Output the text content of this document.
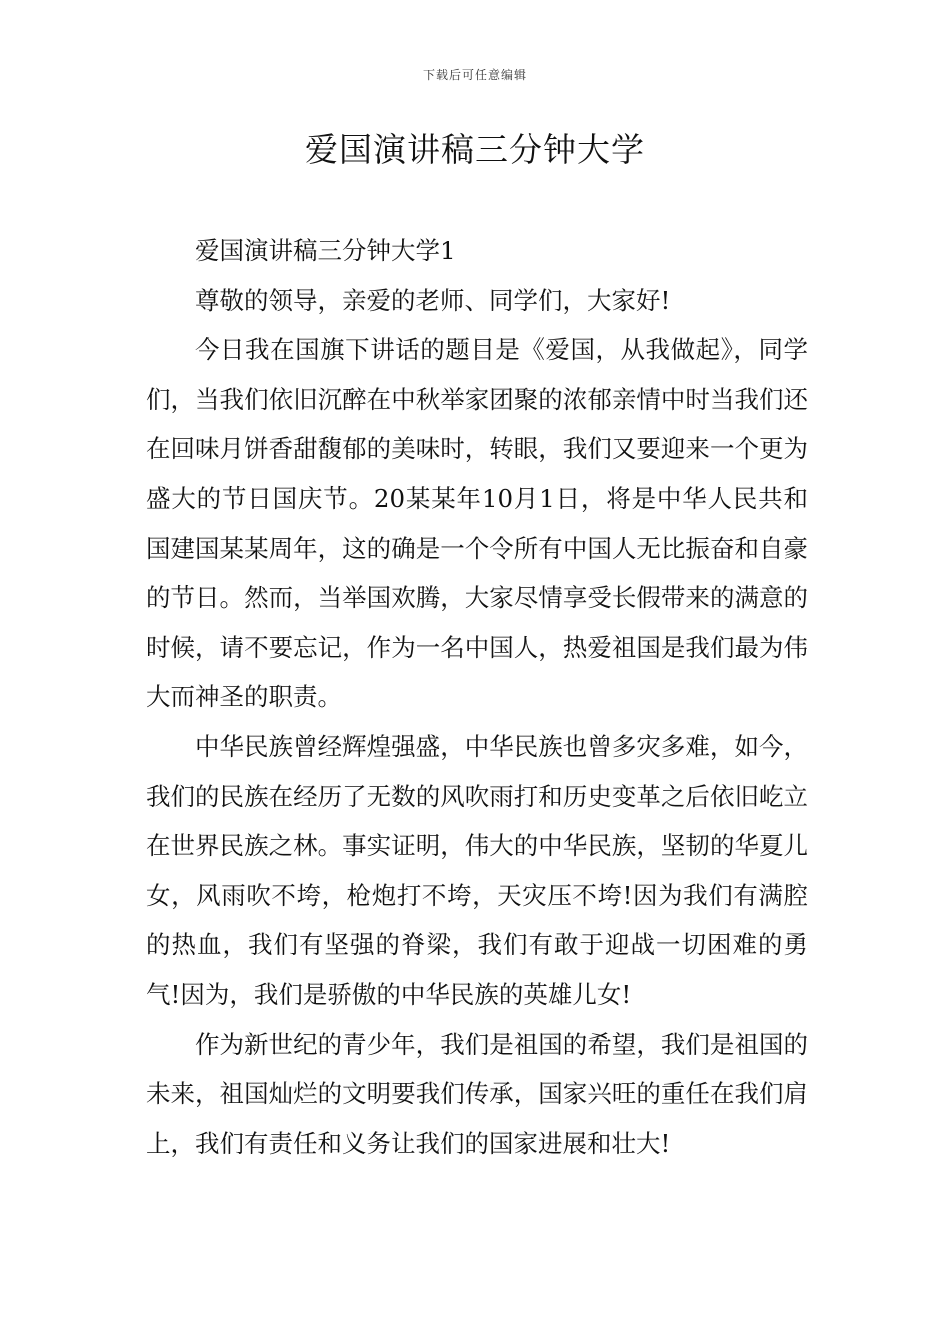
下载后可任意编辑
爱国演讲稿三分钟大学

爱国演讲稿三分钟大学1

尊敬的领导，亲爱的老师、同学们，大家好!

今日我在国旗下讲话的题目是《爱国，从我做起》，同学们，当我们依旧沉醉在中秋举家团聚的浓郁亲情中时当我们还在回味月饼香甜馥郁的美味时，转眼，我们又要迎来一个更为盛大的节日国庆节。20某某年10月1日，将是中华人民共和国建国某某周年，这的确是一个令所有中国人无比振奋和自豪的节日。然而，当举国欢腾，大家尽情享受长假带来的满意的时候，请不要忘记，作为一名中国人，热爱祖国是我们最为伟大而神圣的职责。

中华民族曾经辉煌强盛，中华民族也曾多灾多难，如今，我们的民族在经历了无数的风吹雨打和历史变革之后依旧屹立在世界民族之林。事实证明，伟大的中华民族，坚韧的华夏儿女，风雨吹不垮，枪炮打不垮，天灾压不垮!因为我们有满腔的热血，我们有坚强的脊梁，我们有敢于迎战一切困难的勇气!因为，我们是骄傲的中华民族的英雄儿女!

作为新世纪的青少年，我们是祖国的希望，我们是祖国的未来，祖国灿烂的文明要我们传承，国家兴旺的重任在我们肩上，我们有责任和义务让我们的国家进展和壮大!
